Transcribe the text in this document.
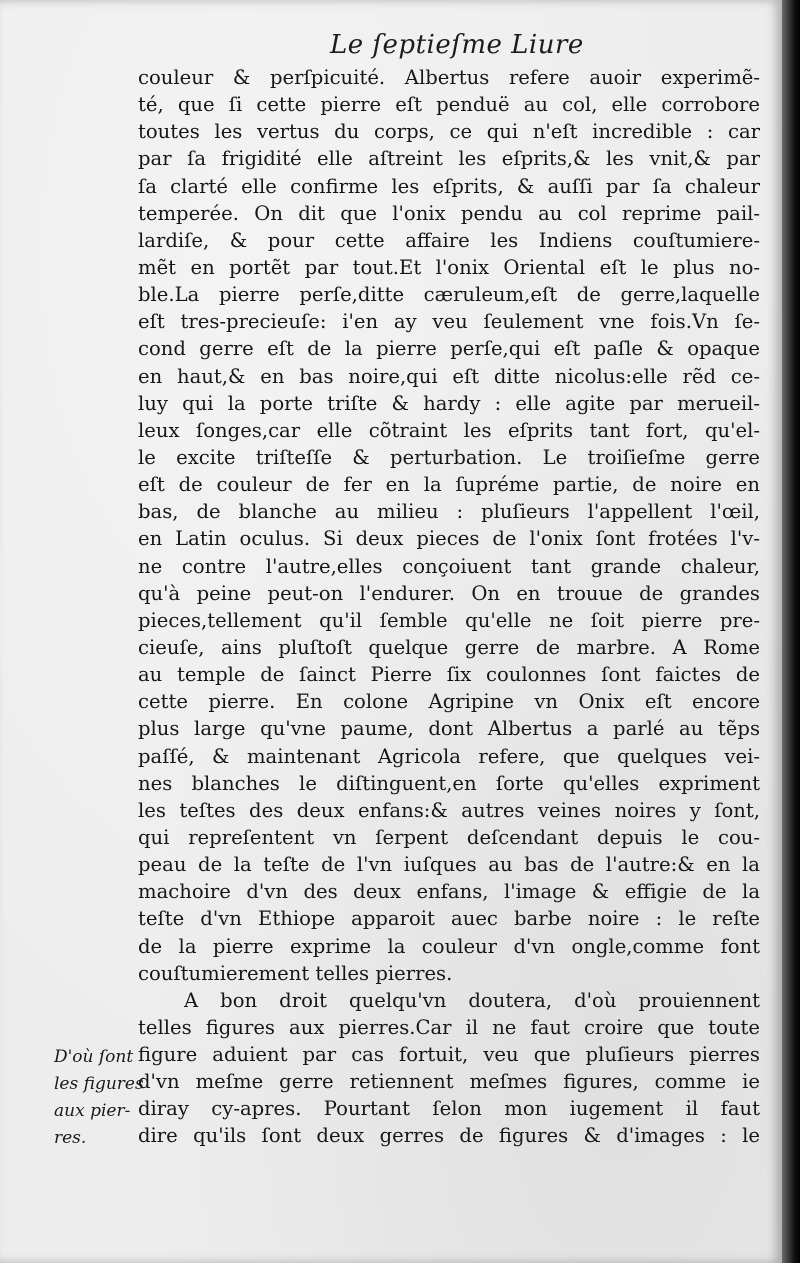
Le ſeptieſme Liure
couleur & perſpicuité. Albertus refere auoir experimẽ-
té, que ſi cette pierre eſt penduë au col, elle corrobore
toutes les vertus du corps, ce qui n'eſt incredible : car
par ſa frigidité elle aſtreint les eſprits,& les vnit,& par
ſa clarté elle confirme les eſprits, & auſſi par ſa chaleur
temperée. On dit que l'onix pendu au col reprime pail-
lardiſe, & pour cette affaire les Indiens couſtumiere-
mẽt en portẽt par tout.Et l'onix Oriental eſt le plus no-
ble.La pierre perſe,ditte cæruleum,eſt de gerre,laquelle
eſt tres-precieuſe: i'en ay veu ſeulement vne fois.Vn ſe-
cond gerre eſt de la pierre perſe,qui eſt paſle & opaque
en haut,& en bas noire,qui eſt ditte nicolus:elle rẽd ce-
luy qui la porte triſte & hardy : elle agite par merueil-
leux ſonges,car elle cõtraint les eſprits tant fort, qu'el-
le excite triſteſſe & perturbation. Le troiſieſme gerre
eſt de couleur de fer en la ſupréme partie, de noire en
bas, de blanche au milieu : pluſieurs l'appellent l'œil,
en Latin oculus. Si deux pieces de l'onix ſont frotées l'v-
ne contre l'autre,elles conçoiuent tant grande chaleur,
qu'à peine peut-on l'endurer. On en trouue de grandes
pieces,tellement qu'il ſemble qu'elle ne ſoit pierre pre-
cieuſe, ains pluſtoſt quelque gerre de marbre. A Rome
au temple de ſainct Pierre ſix coulonnes ſont faictes de
cette pierre. En colone Agripine vn Onix eſt encore
plus large qu'vne paume, dont Albertus a parlé au tẽps
paſſé, & maintenant Agricola refere, que quelques vei-
nes blanches le diſtinguent,en ſorte qu'elles expriment
les teſtes des deux enfans:& autres veines noires y ſont,
qui repreſentent vn ſerpent deſcendant depuis le cou-
peau de la teſte de l'vn iuſques au bas de l'autre:& en la
machoire d'vn des deux enfans, l'image & effigie de la
teſte d'vn Ethiope apparoit auec barbe noire : le reſte
de la pierre exprime la couleur d'vn ongle,comme font
couſtumierement telles pierres.
A bon droit quelqu'vn doutera, d'où prouiennent
telles figures aux pierres.Car il ne faut croire que toute
figure aduient par cas fortuit, veu que pluſieurs pierres
d'vn meſme gerre retiennent meſmes figures, comme ie
diray cy-apres. Pourtant ſelon mon iugement il faut
dire qu'ils ſont deux gerres de figures & d'images : le
D'où ſont
les figures
aux pier-
res.
